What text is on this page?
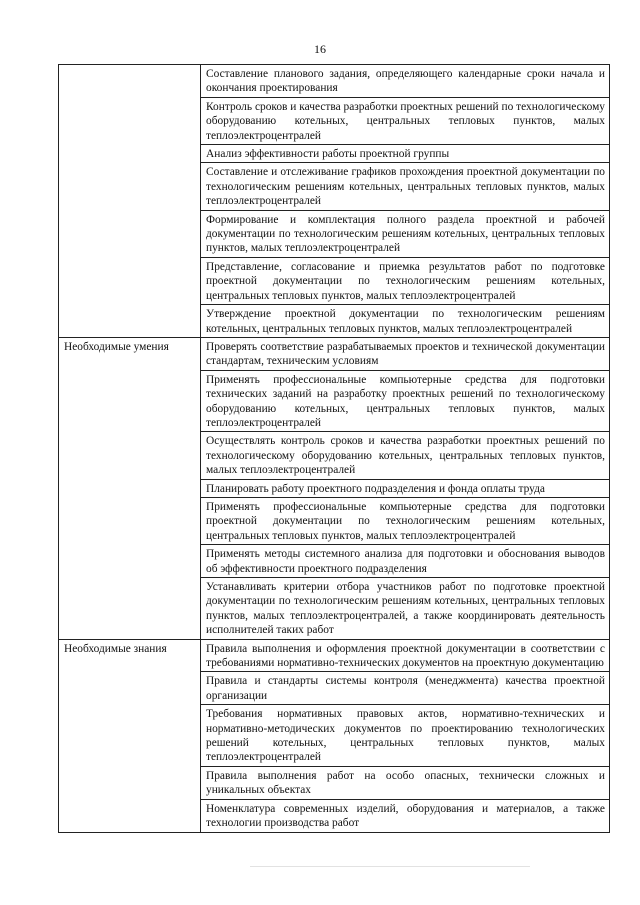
16
	Составление планового задания, определяющего календарные сроки начала и окончания проектирования
	Контроль сроков и качества разработки проектных решений по технологическому оборудованию котельных, центральных тепловых пунктов, малых теплоэлектроцентралей
	Анализ эффективности работы проектной группы
	Составление и отслеживание графиков прохождения проектной документации по технологическим решениям котельных, центральных тепловых пунктов, малых теплоэлектроцентралей
	Формирование и комплектация полного раздела проектной и рабочей документации по технологическим решениям котельных, центральных тепловых пунктов, малых теплоэлектроцентралей
	Представление, согласование и приемка результатов работ по подготовке проектной документации по технологическим решениям котельных, центральных тепловых пунктов, малых теплоэлектроцентралей
	Утверждение проектной документации по технологическим решениям котельных, центральных тепловых пунктов, малых теплоэлектроцентралей
Необходимые умения	Проверять соответствие разрабатываемых проектов и технической документации стандартам, техническим условиям
	Применять профессиональные компьютерные средства для подготовки технических заданий на разработку проектных решений по технологическому оборудованию котельных, центральных тепловых пунктов, малых теплоэлектроцентралей
	Осуществлять контроль сроков и качества разработки проектных решений по технологическому оборудованию котельных, центральных тепловых пунктов, малых теплоэлектроцентралей
	Планировать работу проектного подразделения и фонда оплаты труда
	Применять профессиональные компьютерные средства для подготовки проектной документации по технологическим решениям котельных, центральных тепловых пунктов, малых теплоэлектроцентралей
	Применять методы системного анализа для подготовки и обоснования выводов об эффективности проектного подразделения
	Устанавливать критерии отбора участников работ по подготовке проектной документации по технологическим решениям котельных, центральных тепловых пунктов, малых теплоэлектроцентралей, а также координировать деятельность исполнителей таких работ
Необходимые знания	Правила выполнения и оформления проектной документации в соответствии с требованиями нормативно-технических документов на проектную документацию
	Правила и стандарты системы контроля (менеджмента) качества проектной организации
	Требования нормативных правовых актов, нормативно-технических и нормативно-методических документов по проектированию технологических решений котельных, центральных тепловых пунктов, малых теплоэлектроцентралей
	Правила выполнения работ на особо опасных, технически сложных и уникальных объектах
	Номенклатура современных изделий, оборудования и материалов, а также технологии производства работ
